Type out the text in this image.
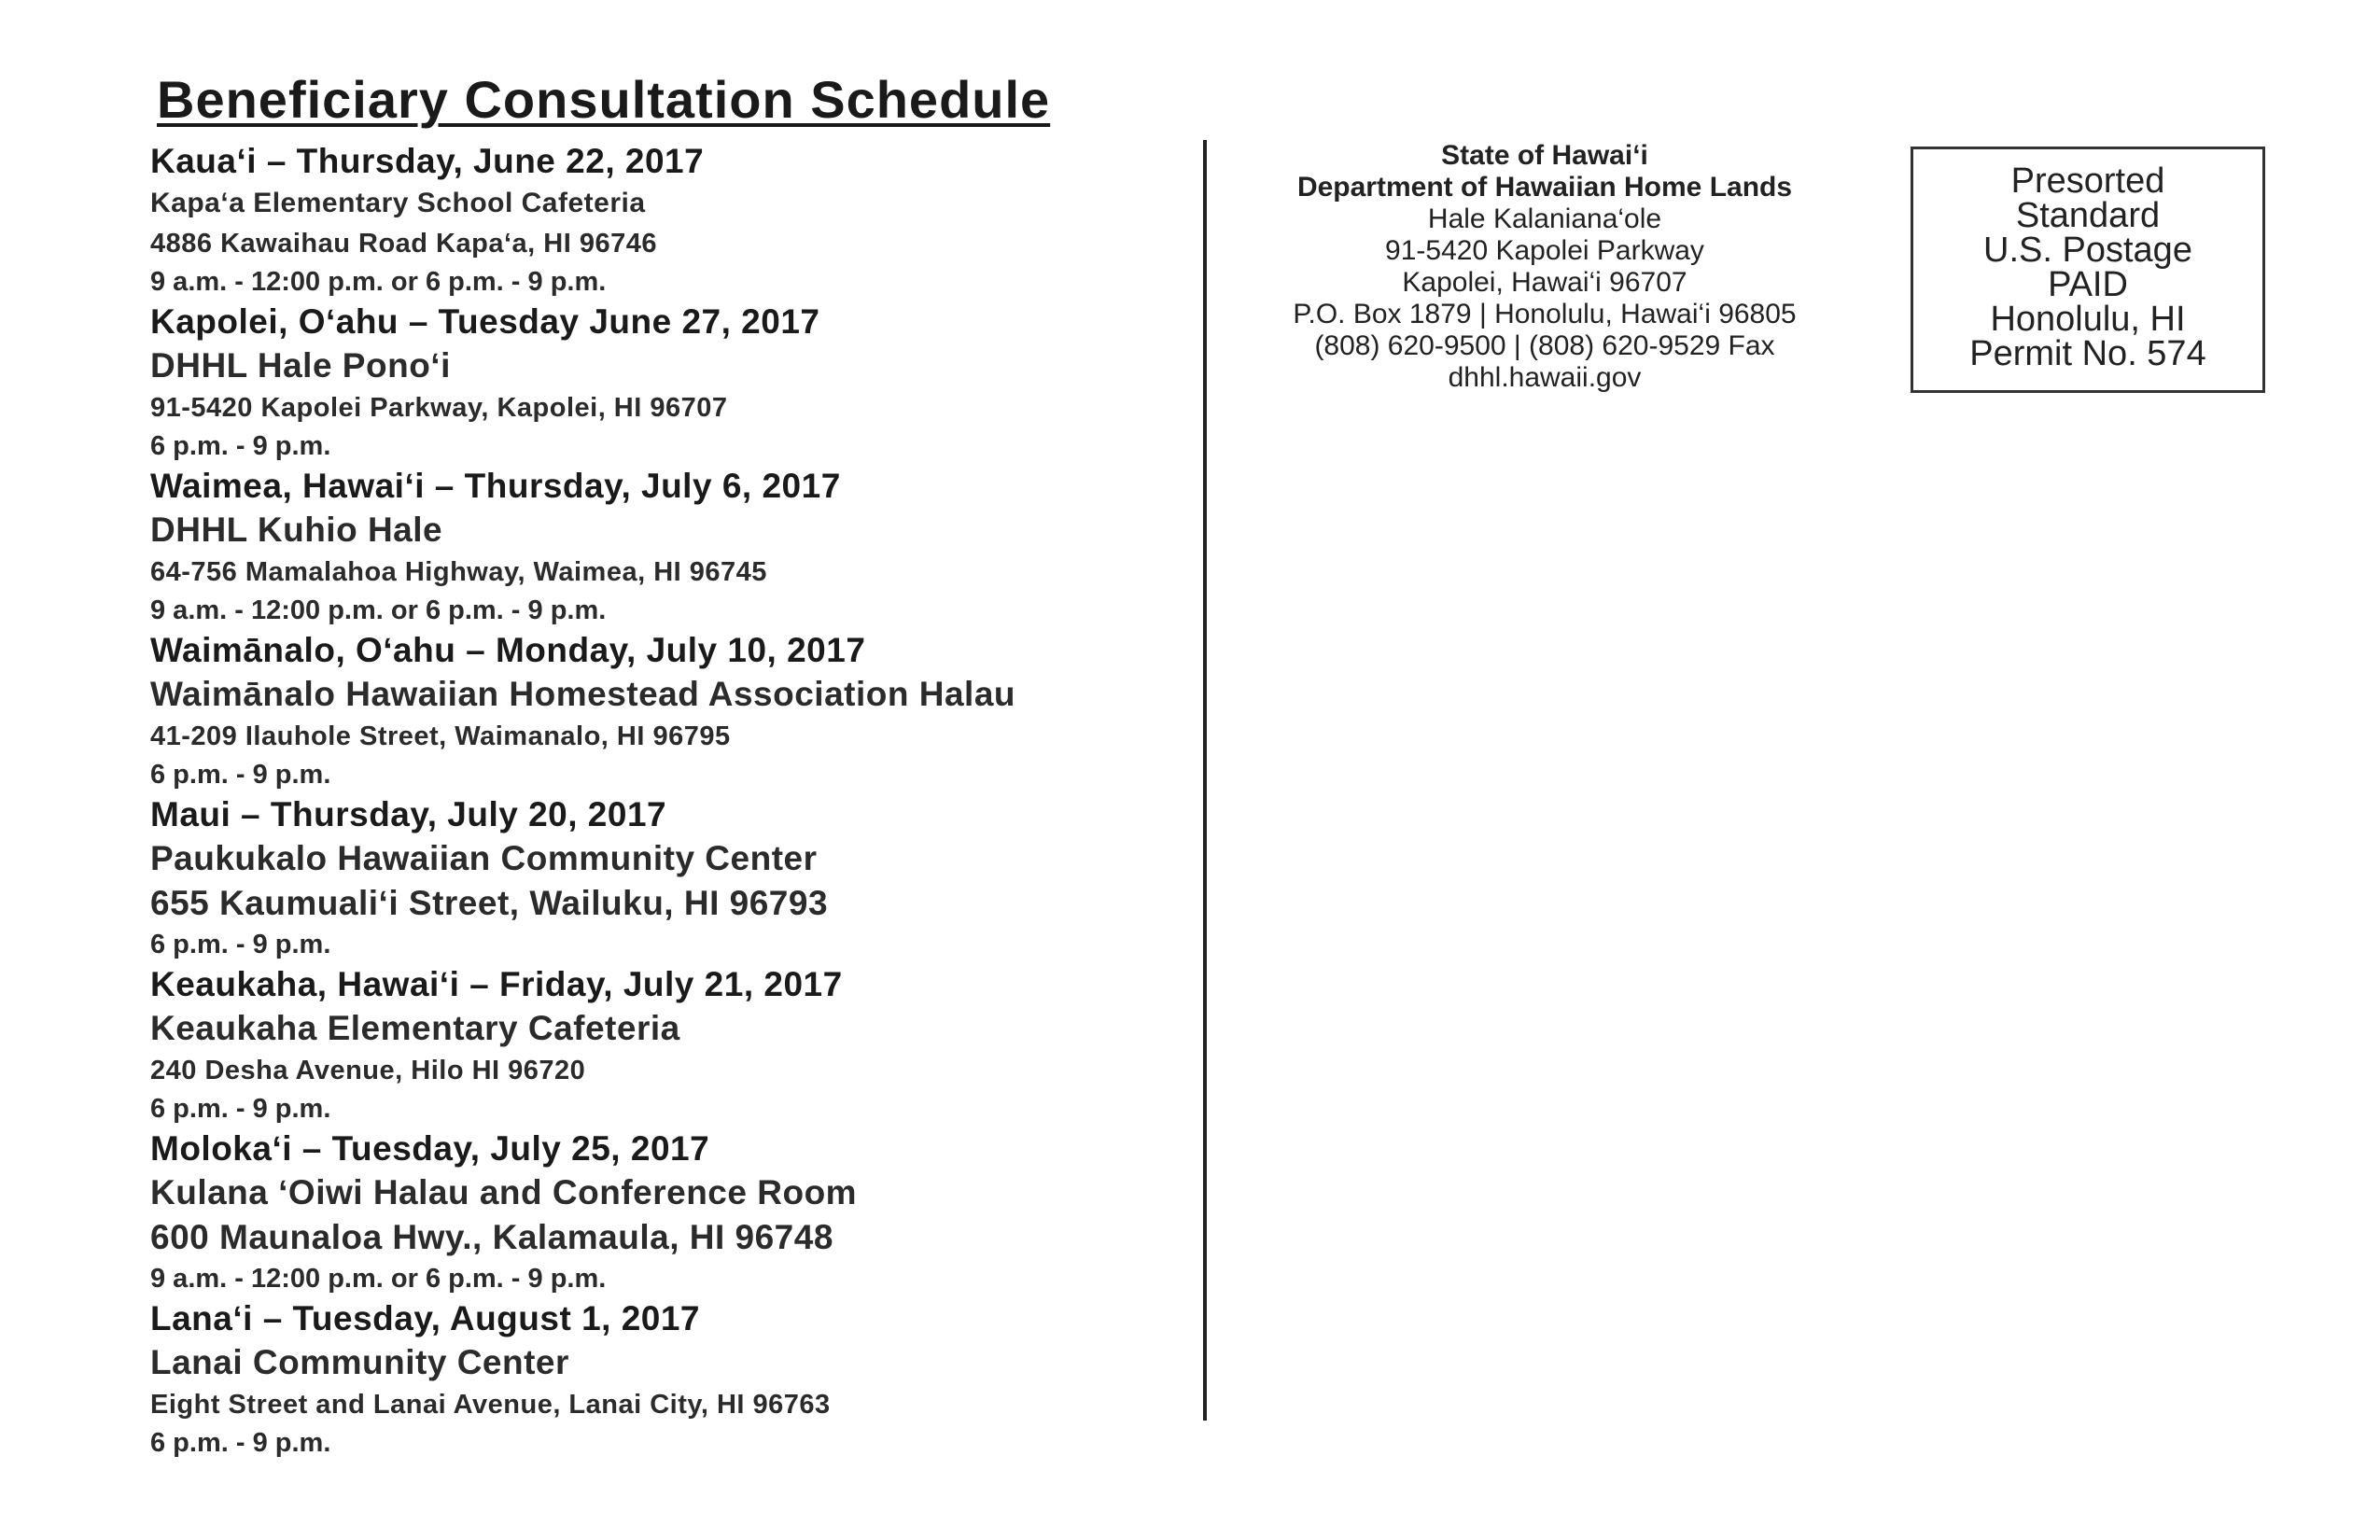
Beneficiary Consultation Schedule
Kaua‘i – Thursday, June 22, 2017
Kapa‘a Elementary School Cafeteria
4886 Kawaihau Road Kapa‘a, HI 96746
9 a.m. - 12:00 p.m. or 6 p.m. - 9 p.m.
Kapolei, O‘ahu – Tuesday June 27, 2017
DHHL Hale Pono‘i
91-5420 Kapolei Parkway, Kapolei, HI 96707
6 p.m. - 9 p.m.
Waimea, Hawai‘i – Thursday, July 6, 2017
DHHL Kuhio Hale
64-756 Mamalahoa Highway, Waimea, HI 96745
9 a.m. - 12:00 p.m. or 6 p.m. - 9 p.m.
Waimānalo, O‘ahu – Monday, July 10, 2017
Waimānalo Hawaiian Homestead Association Halau
41-209 Ilauhole Street, Waimanalo, HI 96795
6 p.m. - 9 p.m.
Maui – Thursday, July 20, 2017
Paukukalo Hawaiian Community Center
655 Kaumuali‘i Street, Wailuku, HI 96793
6 p.m. - 9 p.m.
Keaukaha, Hawai‘i – Friday, July 21, 2017
Keaukaha Elementary Cafeteria
240 Desha Avenue, Hilo HI 96720
6 p.m. - 9 p.m.
Moloka‘i – Tuesday, July 25, 2017
Kulana ‘Oiwi Halau and Conference Room
600 Maunaloa Hwy., Kalamaula, HI 96748
9 a.m. - 12:00 p.m. or 6 p.m. - 9 p.m.
Lana‘i – Tuesday, August 1, 2017
Lanai Community Center
Eight Street and Lanai Avenue, Lanai City, HI 96763
6 p.m. - 9 p.m.
State of Hawai‘i
Department of Hawaiian Home Lands
Hale Kalaniana‘ole
91-5420 Kapolei Parkway
Kapolei, Hawai‘i 96707
P.O. Box 1879 | Honolulu, Hawai‘i 96805
(808) 620-9500 | (808) 620-9529 Fax
dhhl.hawaii.gov
Presorted
Standard
U.S. Postage
PAID
Honolulu, HI
Permit No. 574
